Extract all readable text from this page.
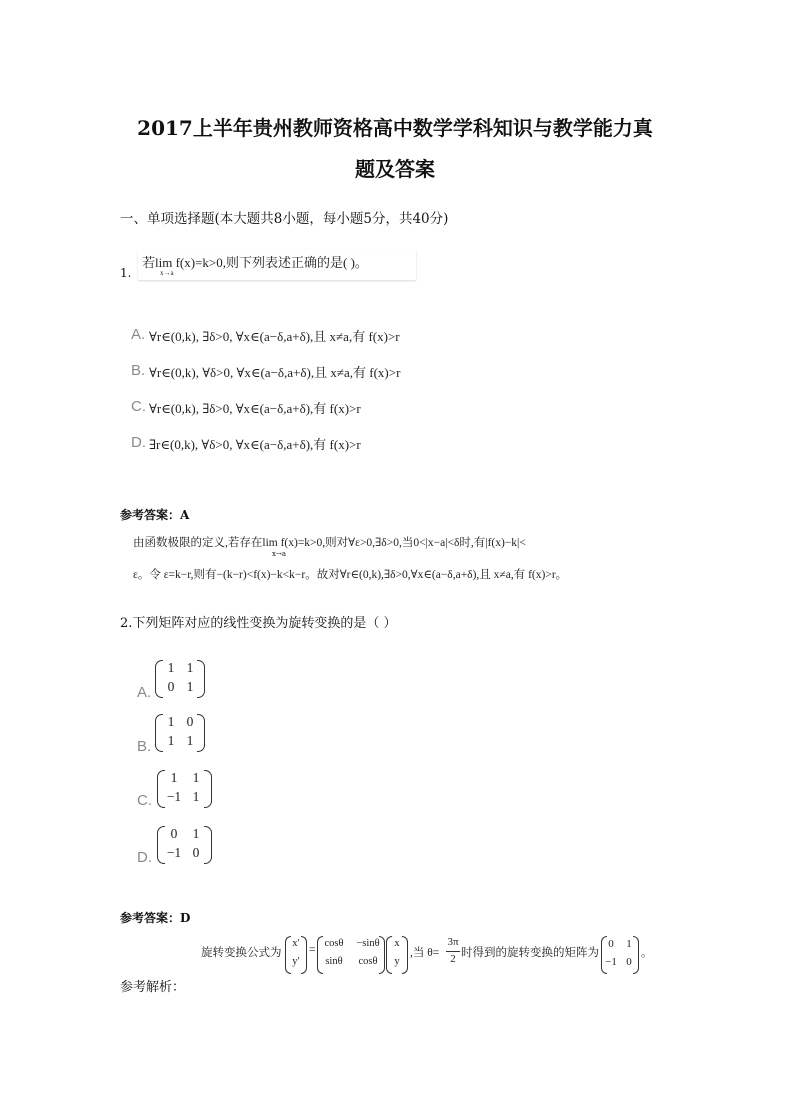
2017上半年贵州教师资格高中数学学科知识与教学能力真
题及答案
一、单项选择题(本大题共8小题，每小题5分，共40分)
1.
若lim f(x)=k>0,则下列表述正确的是( )。
x→a
A. ∀r∈(0,k), ∃δ>0, ∀x∈(a−δ,a+δ),且 x≠a,有 f(x)>r
B. ∀r∈(0,k), ∀δ>0, ∀x∈(a−δ,a+δ),且 x≠a,有 f(x)>r
C. ∀r∈(0,k), ∃δ>0, ∀x∈(a−δ,a+δ),有 f(x)>r
D. ∃r∈(0,k), ∀δ>0, ∀x∈(a−δ,a+δ),有 f(x)>r
参考答案：A
由函数极限的定义,若存在lim f(x)=k>0,则对∀ε>0,∃δ>0,当0<|x−a|<δ时,有|f(x)−k|<
x→a
ε。令 ε=k−r,则有−(k−r)<f(x)−k<k−r。故对∀r∈(0,k),∃δ>0,∀x∈(a−δ,a+δ),且 x≠a,有 f(x)>r。
2.下列矩阵对应的线性变换为旋转变换的是（ ）
A.
1 1
0 1
B.
1 0
1 1
C.
1	1
−1 1
D.
0	1
−1 0
参考答案：D
旋转变换公式为
x′
y′
=
cosθ	−sinθ
sinθ	cosθ
x
y
,当 θ=
3π
2 时得到的旋转变换的矩阵为
0	1
−1 0
。
参考解析：
